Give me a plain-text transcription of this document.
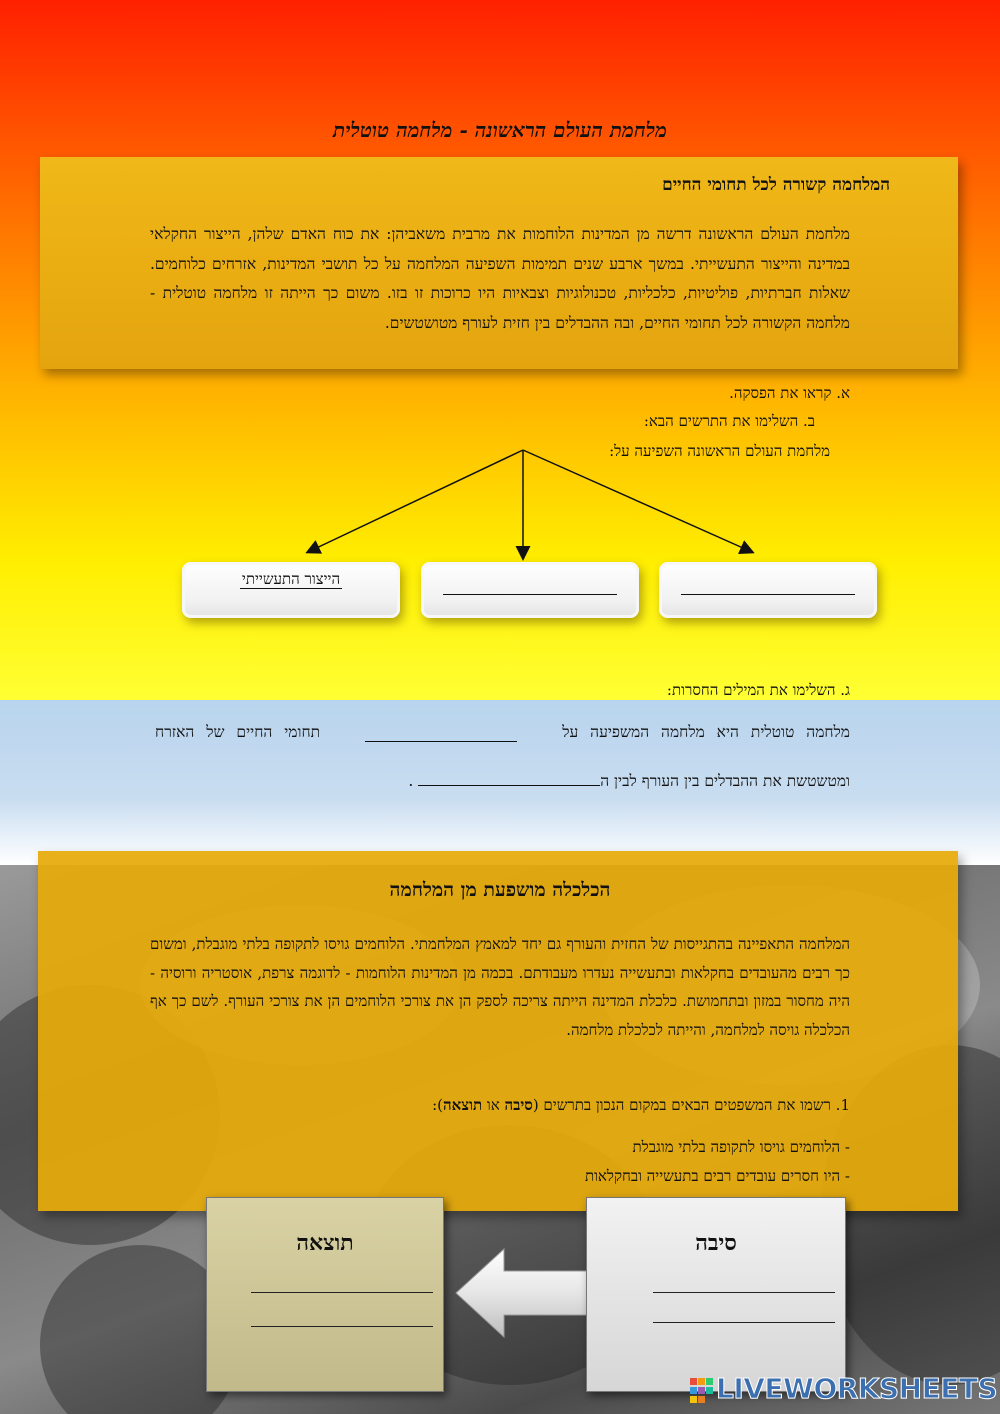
מלחמת העולם הראשונה - מלחמה טוטלית
המלחמה קשורה לכל תחומי החיים
מלחמת העולם הראשונה דרשה מן המדינות הלוחמות את מרבית משאביהן: את כוח האדם שלהן, הייצור החקלאי במדינה והייצור התעשייתי. במשך ארבע שנים תמימות השפיעה המלחמה על כל תושבי המדינות, אזרחים כלוחמים. שאלות חברתיות, פוליטיות, כלכליות, טכנולוגיות וצבאיות היו כרוכות זו בזו. משום כך הייתה זו מלחמה טוטלית - מלחמה הקשורה לכל תחומי החיים, ובה ההבדלים בין חזית לעורף מטושטשים.
א. קראו את הפסקה.
ב. השלימו את התרשים הבא:
מלחמת העולם הראשונה השפיעה על:
הייצור התעשייתי
ג. השלימו את המילים החסרות:
מלחמה טוטלית היא מלחמה המשפיעה על
תחומי החיים של האזרח
ומטשטשת את ההבדלים בין העורף לבין ה .
הכלכלה מושפעת מן המלחמה
המלחמה התאפיינה בהתגייסות של החזית והעורף גם יחד למאמץ המלחמתי. הלוחמים גויסו לתקופה בלתי מוגבלת, ומשום כך רבים מהעובדים בחקלאות ובתעשייה נעדרו מעבודתם. בכמה מן המדינות הלוחמות - לדוגמה צרפת, אוסטריה ורוסיה - היה מחסור במזון ובתחמושת. כלכלת המדינה הייתה צריכה לספק הן את צורכי הלוחמים הן את צורכי העורף. לשם כך אף הכלכלה גויסה למלחמה, והייתה לכלכלת מלחמה.
1. רשמו את המשפטים הבאים במקום הנכון בתרשים (סיבה או תוצאה):
- הלוחמים גויסו לתקופה בלתי מוגבלת
- היו חסרים עובדים רבים בתעשייה ובחקלאות
תוצאה	סיבה
LIVEWORKSHEETS
